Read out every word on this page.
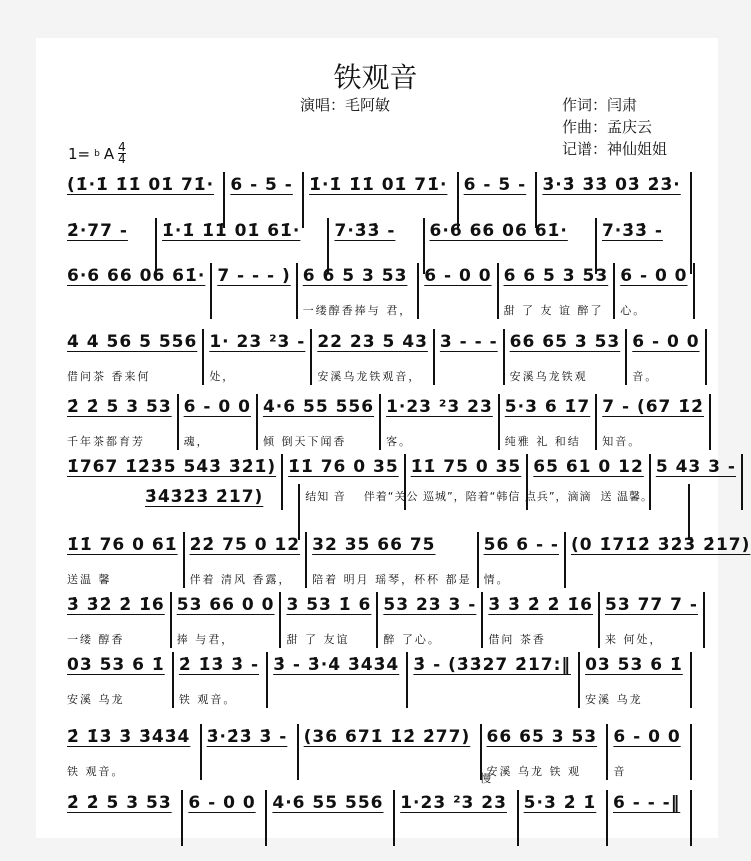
铁观音
演唱：毛阿敏	作词：闫肃
作曲：孟庆云
记谱：神仙姐姐
1= b A $\frac{4}{4}$
(1̇·1̇ 1̇1̇ 01̇ 71̇· 6 - 5 - 1̇·1̇ 1̇1̇ 01̇ 71̇· 6 - 5 - 3̇·3̇ 3̇3̇ 03̇ 2̇3̇·
2̇·77 -	1̇·1̇ 1̇1̇ 01̇ 61̇·	7·3̇3̇ -	6·6 66 06 61̇·	7·3̇3̇ -
6·6 66 06 61̇· 7 - - - ) 6 6 5 3 53
一缕醇香捧与 君，
6 - 0 0 6 6 5 3 53
甜 了 友 谊 醉了
6 - 0 0
心。
4 4 56 5 556
借问茶 香来何
1· 23 ²3 -
处，
22 23 5 43
安溪乌龙铁观音，
3 - - - 66 65 3 53
安溪乌龙铁观
6 - 0 0
音。
2̇ 2̇ 5 3 53
千年茶都育芳
6 - 0 0
魂，
4·6 55 556
倾 倒天下闻香
1·23 ²3 23
客。
5·3 6 1̇7
纯雅 礼 和结
7 - (67 1̇2̇
知音。
1̇767 1̇2̇3̇5 54̇3̇ 3̇2̇1̇) 1̇1̇ 76 0 35 1̇1̇ 75 0 35 65 61 0 12 5 43 3 -
3̇4̇3̇2̇3̇ 2̇17)	结知 音    伴着“关公 巡城”，陪着“韩信 点兵”，滴滴  送 温馨。
1̇1̇ 76 0 61̇
送温 馨
2̇2̇ 75 0 12
伴着 清风 香露，
32 35 66 75
陪着 明月 瑶琴，杯杯 都是
56 6 - -
情。
(0 1̇71̇2̇ 3̇2̇3̇ 2̇17)
3̇ 3̇2̇ 2̇ 1̇6
一缕 醇香
53 66 0 0
捧 与君，
3 53 1̇ 6
甜 了 友谊
53 23 3 -
醉 了心。
3̇ 3̇ 2̇ 2̇ 1̇6
借问 茶香
53 77 7 -
来 何处，
03 53 6 1̇
安溪 乌龙
2̇ 1̇3̇ 3̇ -
铁 观音。
3̇ - 3̇·4̇ 3̇4̇3̇4̇ 3̇ - (3̇3̇27 2̇17:‖ 03 53 6 1̇
安溪 乌龙
2̇ 1̇3̇ 3̇ 3̇4̇3̇4̇
铁 观音。
3̇·2̇3̇ 3̇ - (36 671̇ 1̇2̇ 2̇77) 66 65 3 53
安溪 乌龙 铁 观
6 - 0 0
音
2̇ 2̇ 5 3 53 6 - 0 0 4·6 55 556 1·23 ²3 23 5·3 2̇ 1̇ 6 - - -‖
慢
